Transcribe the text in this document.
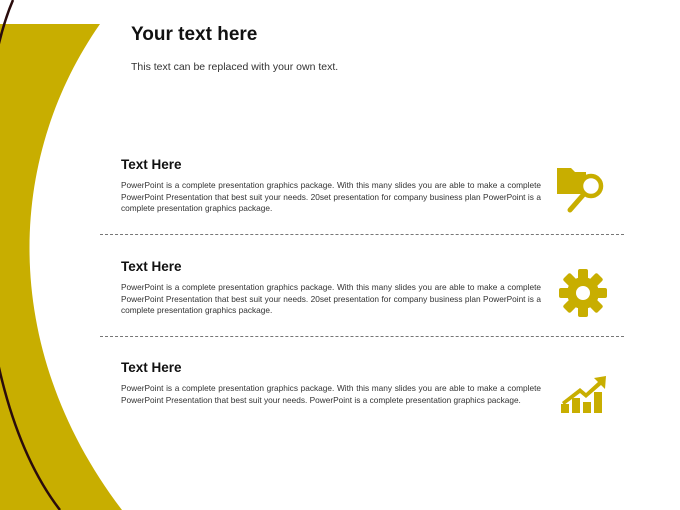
Your text here

This text can be replaced with your own text.

Text Here

PowerPoint is a complete presentation graphics package. With this many slides you are able to make a complete PowerPoint Presentation that best suit your needs. 20set presentation for company business plan PowerPoint is a complete presentation graphics package.

Text Here

PowerPoint is a complete presentation graphics package. With this many slides you are able to make a complete PowerPoint Presentation that best suit your needs. 20set presentation for company business plan PowerPoint is a complete presentation graphics package.

Text Here

PowerPoint is a complete presentation graphics package. With this many slides you are able to make a complete PowerPoint Presentation that best suit your needs. PowerPoint is a complete presentation graphics package.
